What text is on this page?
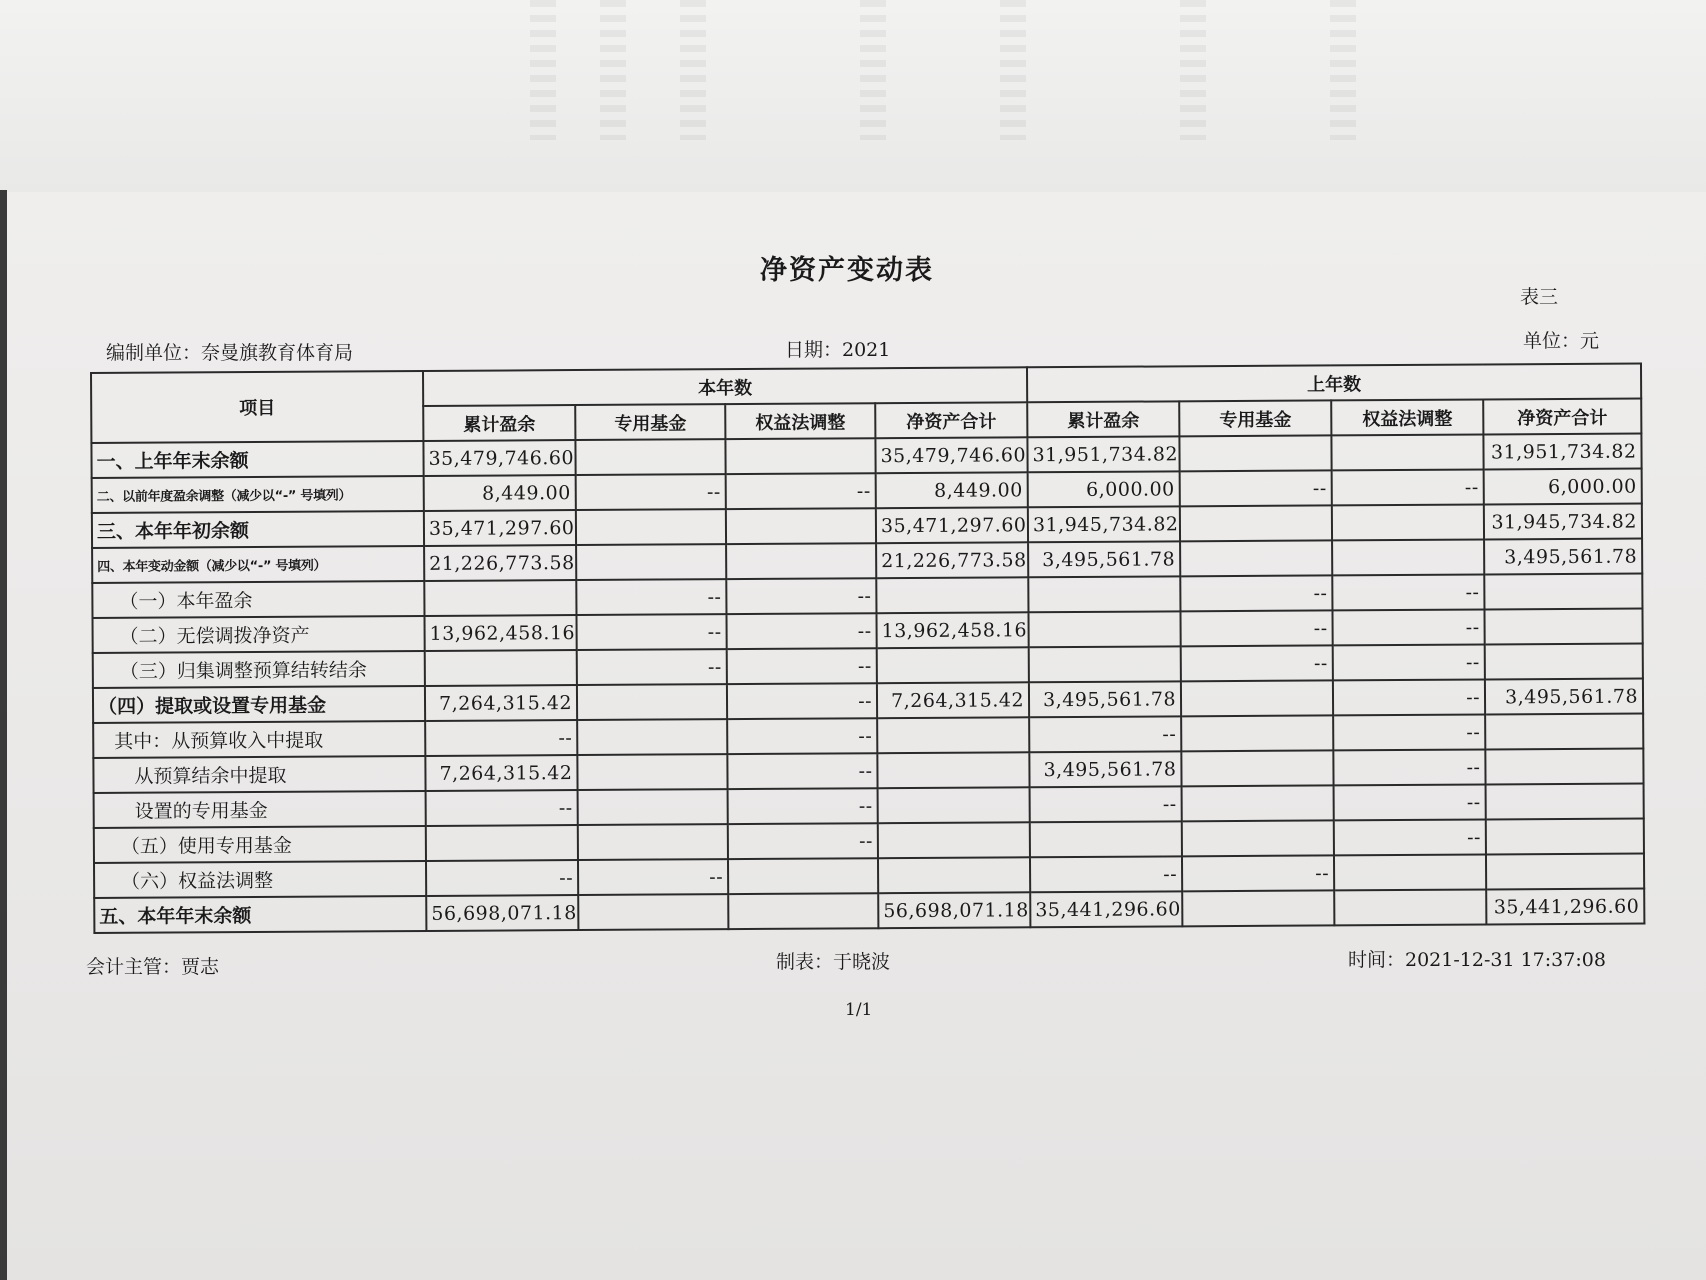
净资产变动表
表三
单位：元
编制单位：奈曼旗教育体育局	日期：2021
项目	本年数				上年数			
	累计盈余	专用基金	权益法调整	净资产合计	累计盈余	专用基金	权益法调整	净资产合计
一、上年年末余额	35,479,746.60			35,479,746.60	31,951,734.82			31,951,734.82
二、以前年度盈余调整（减少以“-” 号填列）	8,449.00	--	--	8,449.00	6,000.00	--	--	6,000.00
三、本年年初余额	35,471,297.60			35,471,297.60	31,945,734.82			31,945,734.82
四、本年变动金额（减少以“-” 号填列）	21,226,773.58			21,226,773.58	3,495,561.78			3,495,561.78
（一）本年盈余		--	--			--	--	
（二）无偿调拨净资产	13,962,458.16	--	--	13,962,458.16		--	--	
（三）归集调整预算结转结余		--	--			--	--	
（四）提取或设置专用基金	7,264,315.42		--	7,264,315.42	3,495,561.78		--	3,495,561.78
其中：从预算收入中提取	--		--		--		--	
从预算结余中提取	7,264,315.42		--		3,495,561.78		--	
设置的专用基金	--		--		--		--	
（五）使用专用基金			--				--	
（六）权益法调整	--	--			--	--		
五、本年年末余额	56,698,071.18			56,698,071.18	35,441,296.60			35,441,296.60
会计主管：贾志	制表：于晓波	时间：2021-12-31 17:37:08
1/1
